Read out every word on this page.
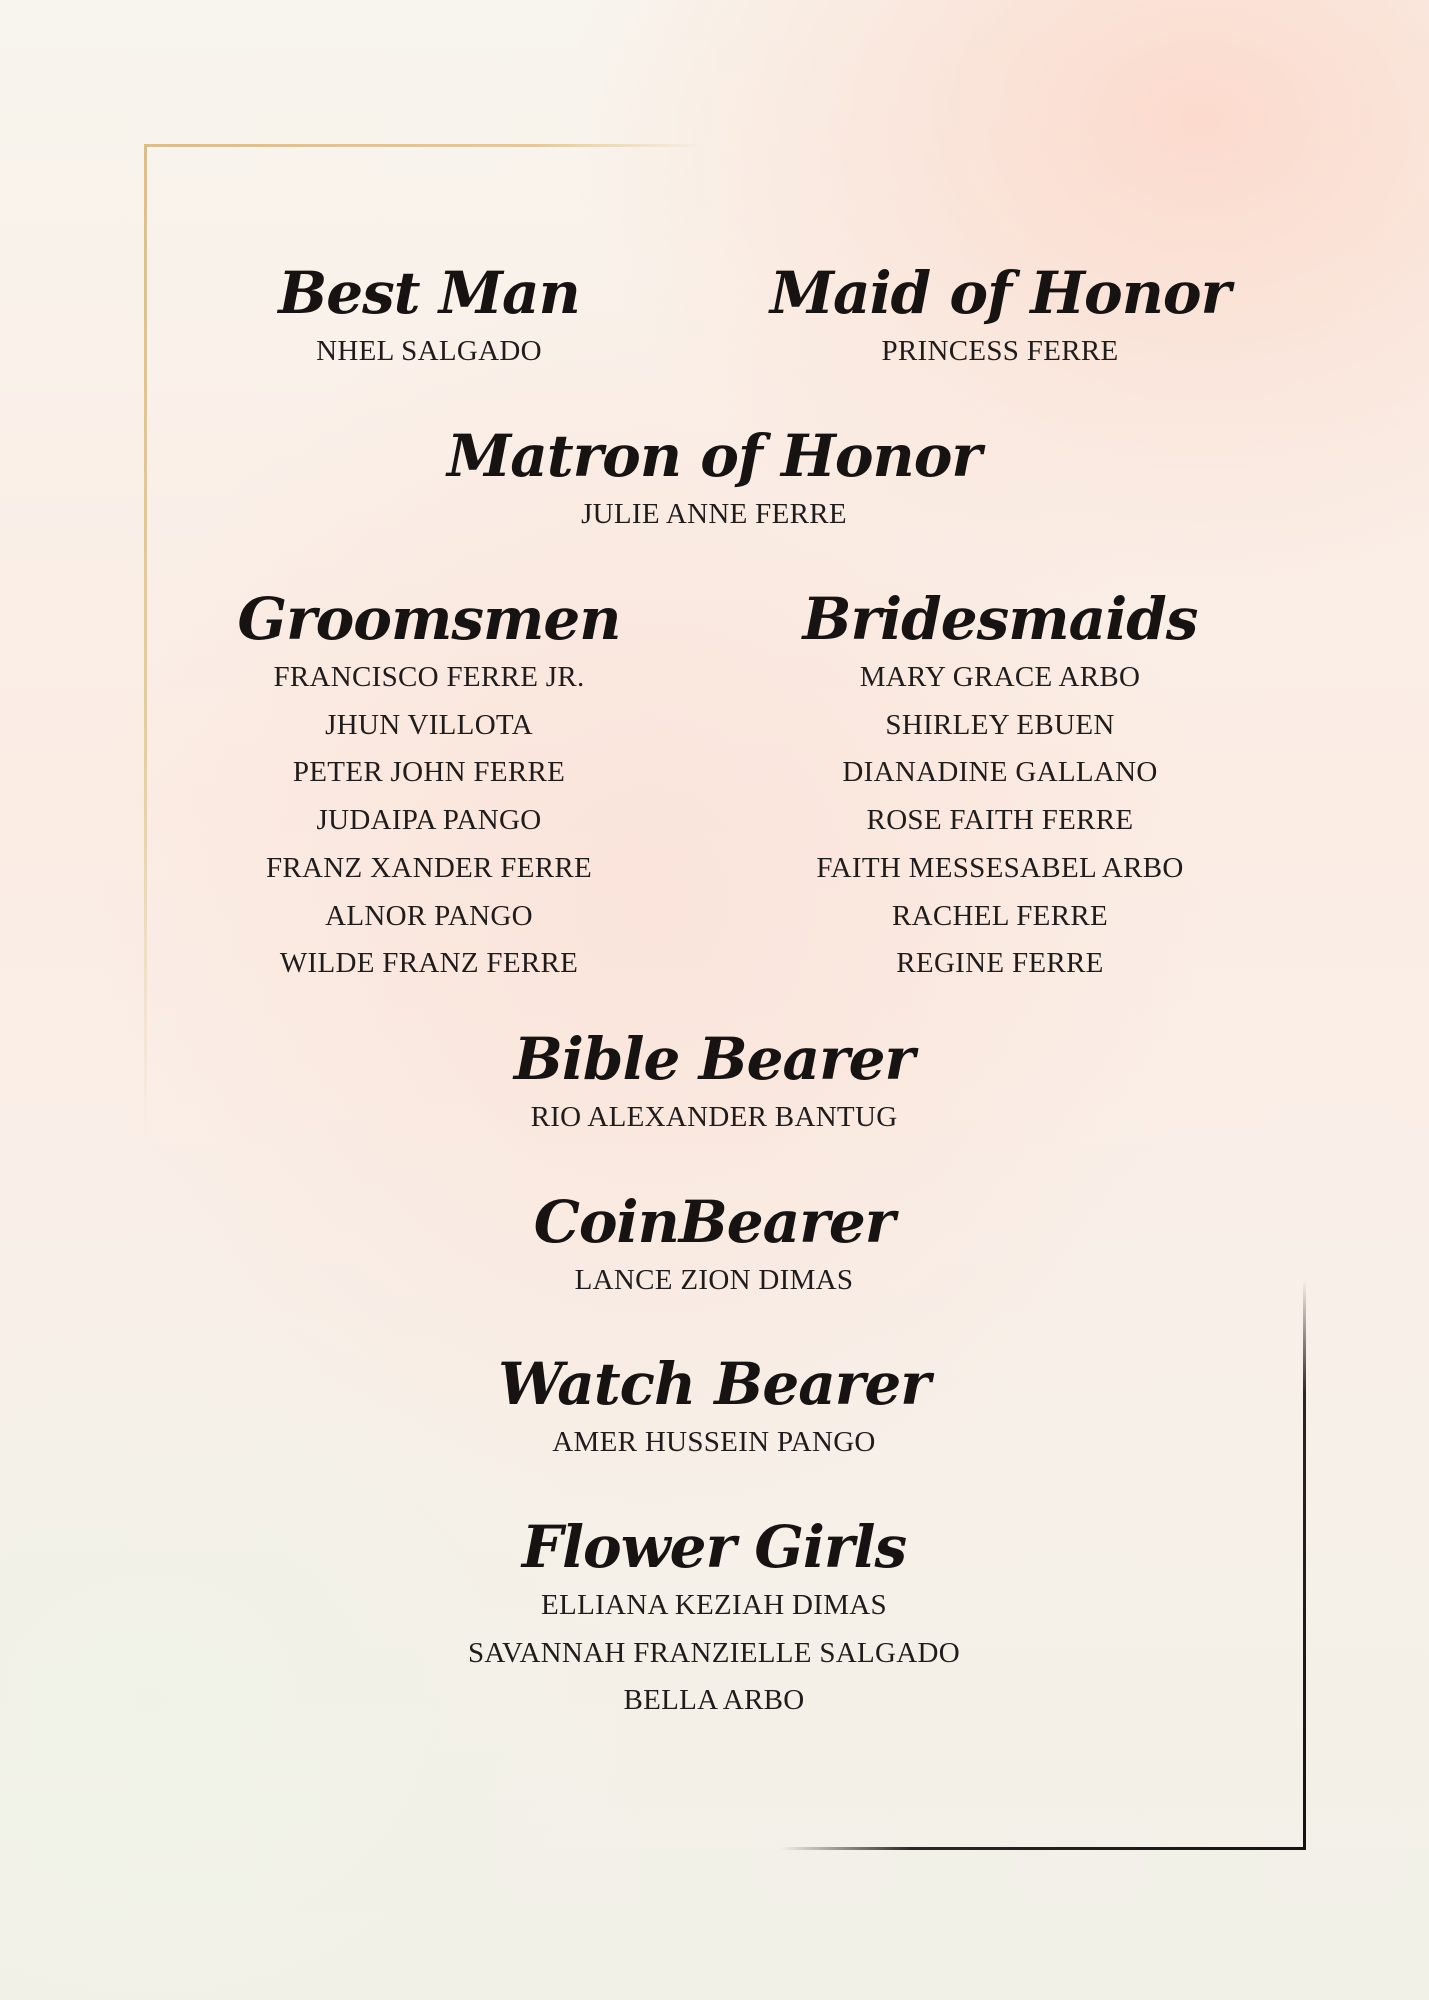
Best Man

NHEL SALGADO

Maid of Honor

PRINCESS FERRE

Matron of Honor

JULIE ANNE FERRE

Groomsmen
FRANCISCO FERRE JR.
JHUN VILLOTA
PETER JOHN FERRE
JUDAIPA PANGO
FRANZ XANDER FERRE
ALNOR PANGO
WILDE FRANZ FERRE
Bridesmaids
MARY GRACE ARBO
SHIRLEY EBUEN
DIANADINE GALLANO
ROSE FAITH FERRE
FAITH MESSESABEL ARBO
RACHEL FERRE
REGINE FERRE
Bible Bearer

RIO ALEXANDER BANTUG

CoinBearer

LANCE ZION DIMAS

Watch Bearer

AMER HUSSEIN PANGO

Flower Girls
ELLIANA KEZIAH DIMAS
SAVANNAH FRANZIELLE SALGADO
BELLA ARBO
